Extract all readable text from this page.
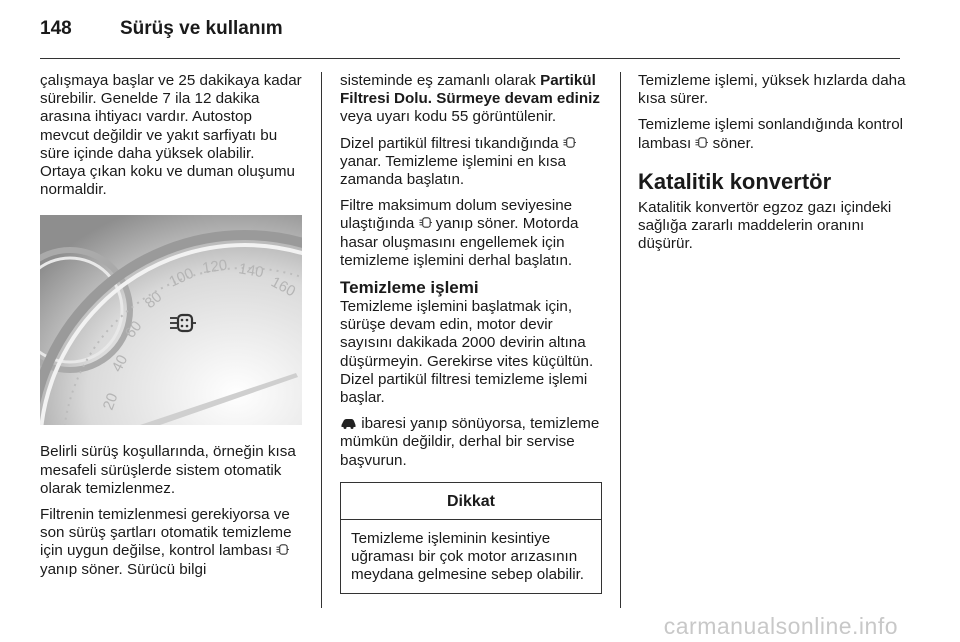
148	Sürüş ve kullanım

çalışmaya başlar ve 25 dakikaya kadar sürebilir. Genelde 7 ila 12 dakika arasına ihtiyacı vardır. Autostop mevcut değildir ve yakıt sarfiyatı bu süre içinde daha yüksek olabilir. Ortaya çıkan koku ve duman oluşumu normaldir.

20
40
60
80
100 120 140
160

Belirli sürüş koşullarında, örneğin kısa mesafeli sürüşlerde sistem otomatik olarak temizlenmez.

Filtrenin temizlenmesi gerekiyorsa ve son sürüş şartları otomatik temizleme için uygun değilse, kontrol lambası  yanıp söner. Sürücü bilgi

sisteminde eş zamanlı olarak Partikül Filtresi Dolu. Sürmeye devam ediniz veya uyarı kodu 55 görüntülenir.

Dizel partikül filtresi tıkandığında  yanar. Temizleme işlemini en kısa zamanda başlatın.

Filtre maksimum dolum seviyesine ulaştığında yanıp söner. Motorda hasar oluşmasını engellemek için temizleme işlemini derhal başlatın.

Temizleme işlemi

Temizleme işlemini başlatmak için, sürüşe devam edin, motor devir sayısını dakikada 2000 devirin altına düşürmeyin. Gerekirse vites küçültün. Dizel partikül filtresi temizleme işlemi başlar.

ibaresi yanıp sönüyorsa, temizleme mümkün değildir, derhal bir servise başvurun.

Dikkat
Temizleme işleminin kesintiye uğraması bir çok motor arızasının meydana gelmesine sebep olabilir.

Temizleme işlemi, yüksek hızlarda daha kısa sürer.

Temizleme işlemi sonlandığında kontrol lambası söner.

Katalitik konvertör

Katalitik konvertör egzoz gazı içindeki sağlığa zararlı maddelerin oranını düşürür.

carmanualsonline.info
